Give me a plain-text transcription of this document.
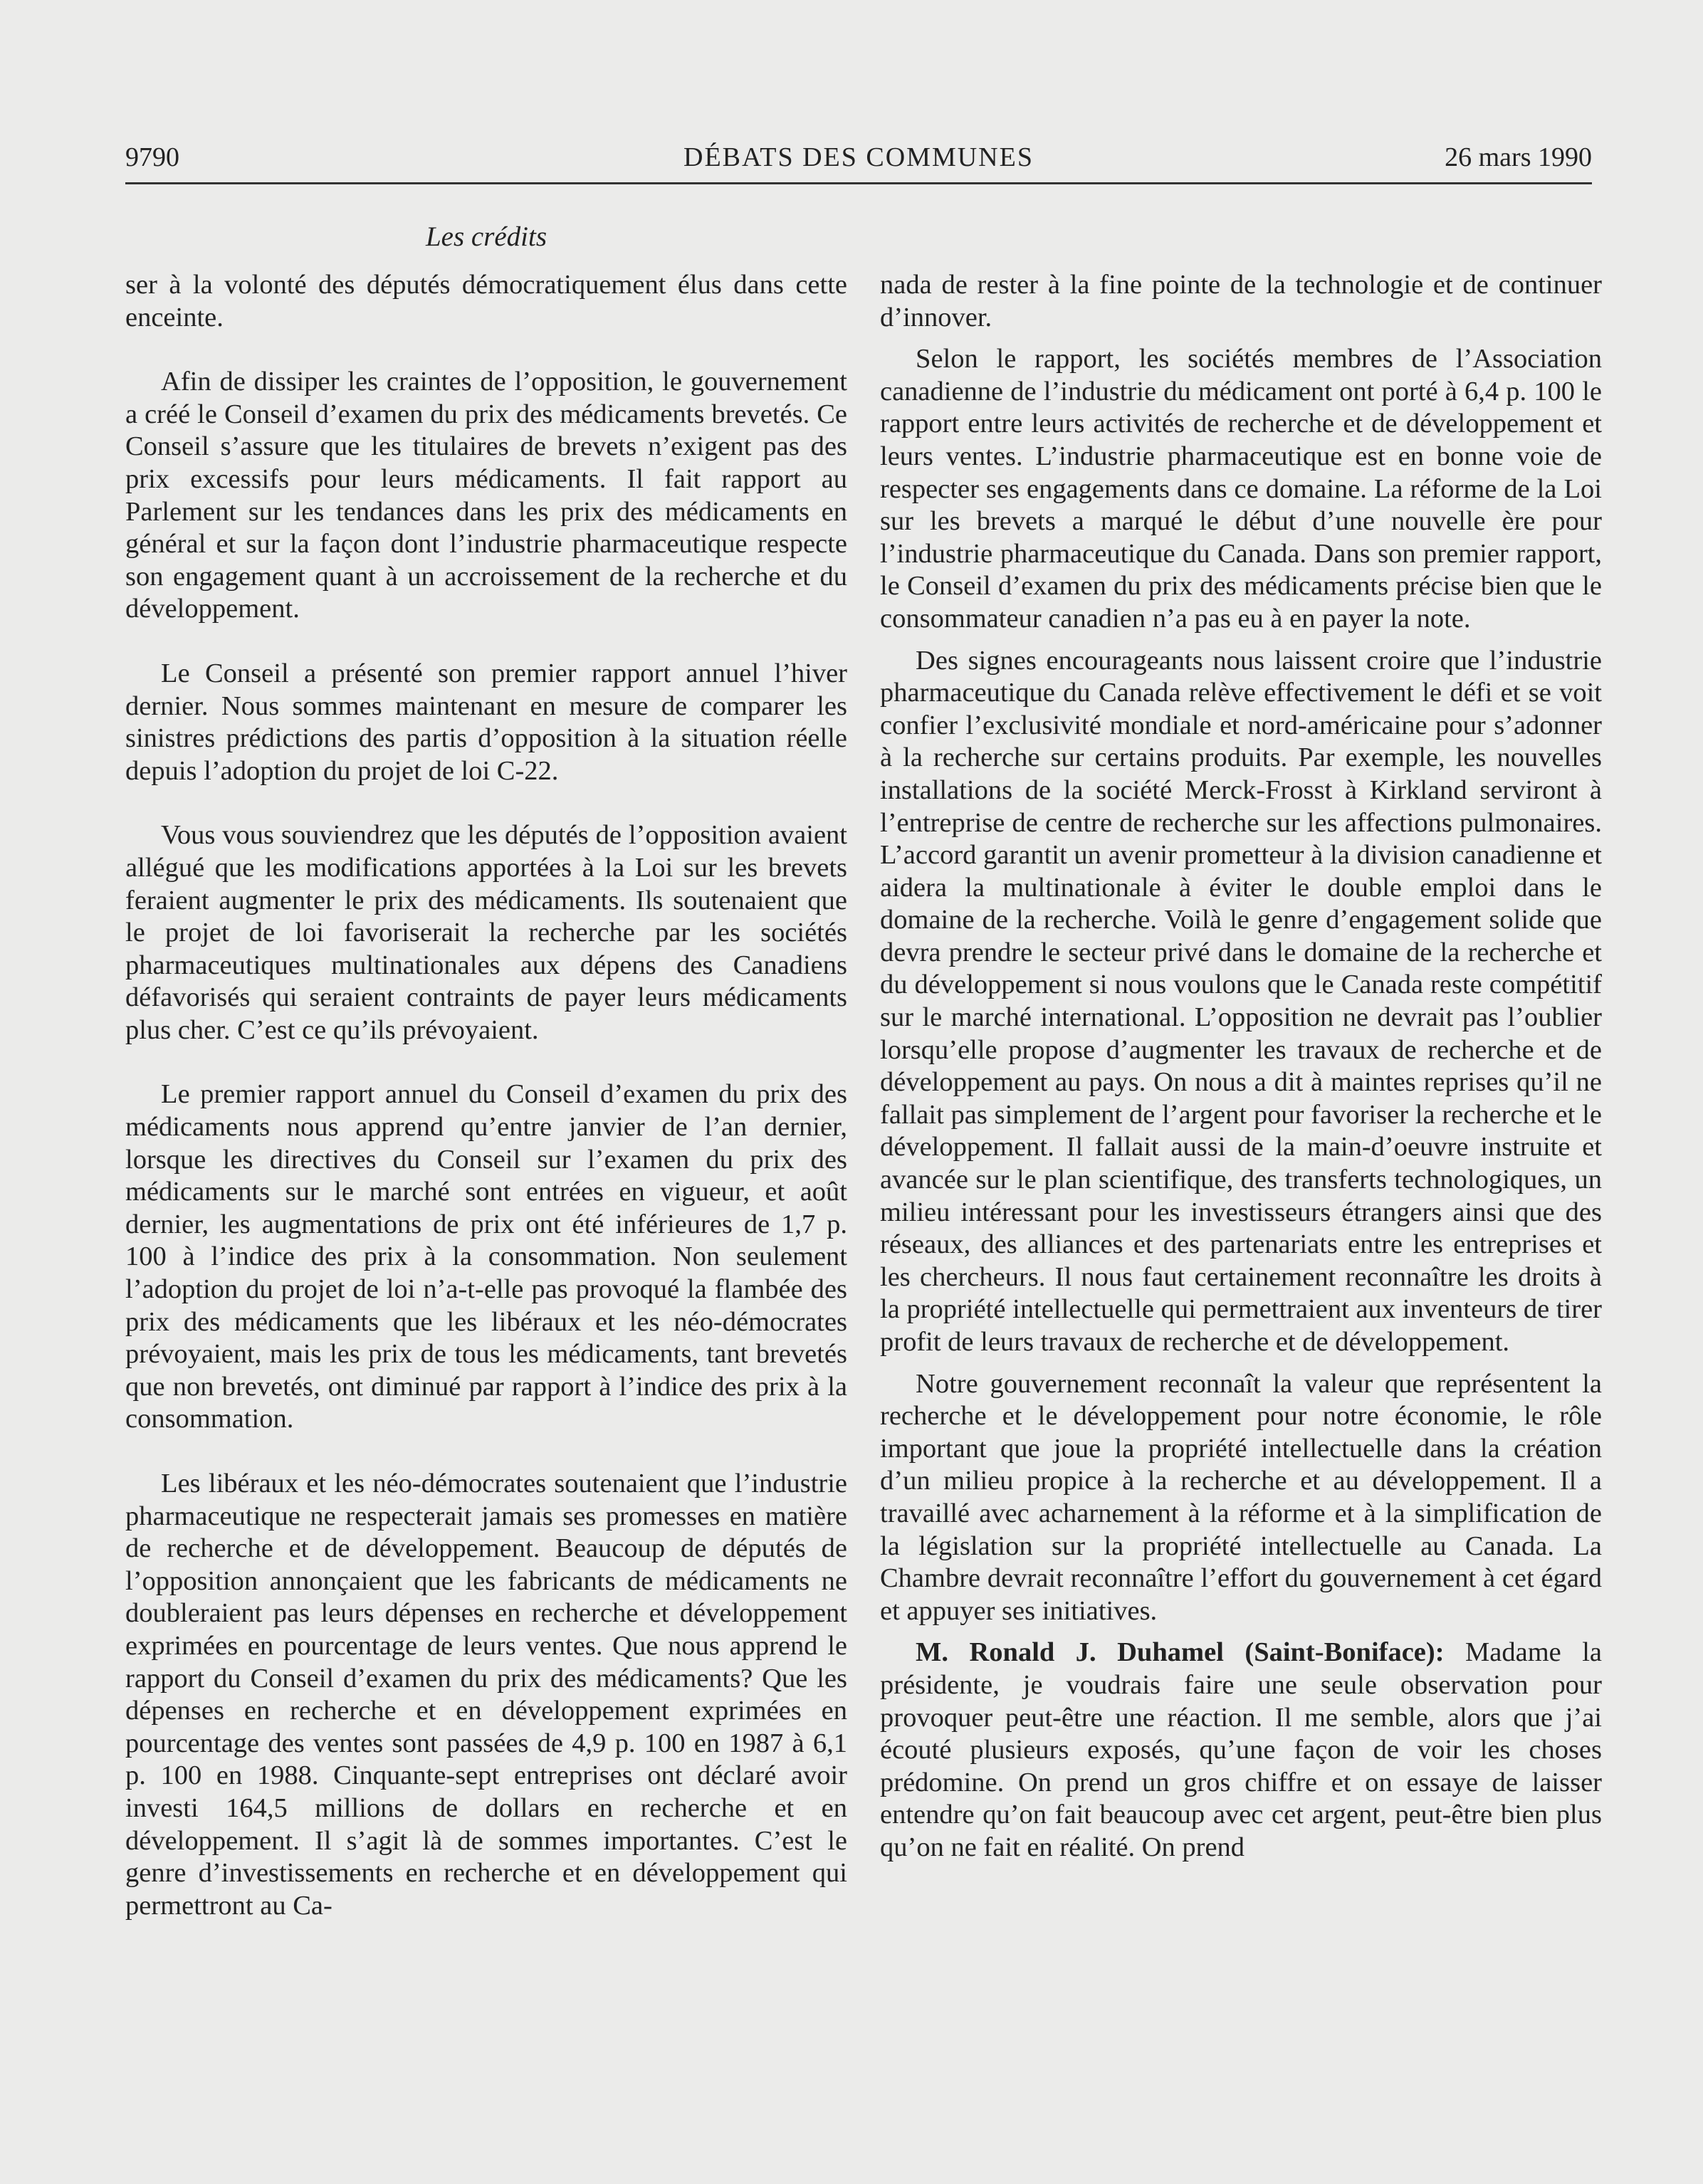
9790	DÉBATS DES COMMUNES	26 mars 1990
Les crédits

ser à la volonté des députés démocratiquement élus dans cette enceinte.

Afin de dissiper les craintes de l’opposition, le gouvernement a créé le Conseil d’examen du prix des médicaments brevetés. Ce Conseil s’assure que les titulaires de brevets n’exigent pas des prix excessifs pour leurs médicaments. Il fait rapport au Parlement sur les tendances dans les prix des médicaments en général et sur la façon dont l’industrie pharmaceutique respecte son engagement quant à un accroissement de la recherche et du développement.

Le Conseil a présenté son premier rapport annuel l’hiver dernier. Nous sommes maintenant en mesure de comparer les sinistres prédictions des partis d’opposition à la situation réelle depuis l’adoption du projet de loi C-22.

Vous vous souviendrez que les députés de l’opposition avaient allégué que les modifications apportées à la Loi sur les brevets feraient augmenter le prix des médicaments. Ils soutenaient que le projet de loi favoriserait la recherche par les sociétés pharmaceutiques multinationales aux dépens des Canadiens défavorisés qui seraient contraints de payer leurs médicaments plus cher. C’est ce qu’ils prévoyaient.

Le premier rapport annuel du Conseil d’examen du prix des médicaments nous apprend qu’entre janvier de l’an dernier, lorsque les directives du Conseil sur l’examen du prix des médicaments sur le marché sont entrées en vigueur, et août dernier, les augmentations de prix ont été inférieures de 1,7 p. 100 à l’indice des prix à la consommation. Non seulement l’adoption du projet de loi n’a-t-elle pas provoqué la flambée des prix des médicaments que les libéraux et les néo-démocrates prévoyaient, mais les prix de tous les médicaments, tant brevetés que non brevetés, ont diminué par rapport à l’indice des prix à la consommation.

Les libéraux et les néo-démocrates soutenaient que l’industrie pharmaceutique ne respecterait jamais ses promesses en matière de recherche et de développement. Beaucoup de députés de l’opposition annonçaient que les fabricants de médicaments ne doubleraient pas leurs dépenses en recherche et développement exprimées en pourcentage de leurs ventes. Que nous apprend le rapport du Conseil d’examen du prix des médicaments? Que les dépenses en recherche et en développement exprimées en pourcentage des ventes sont passées de 4,9 p. 100 en 1987 à 6,1 p. 100 en 1988. Cinquante-sept entreprises ont déclaré avoir investi 164,5 millions de dollars en recherche et en développement. Il s’agit là de sommes importantes. C’est le genre d’investissements en recherche et en développement qui permettront au Ca-

nada de rester à la fine pointe de la technologie et de continuer d’innover.

Selon le rapport, les sociétés membres de l’Association canadienne de l’industrie du médicament ont porté à 6,4 p. 100 le rapport entre leurs activités de recherche et de développement et leurs ventes. L’industrie pharmaceutique est en bonne voie de respecter ses engagements dans ce domaine. La réforme de la Loi sur les brevets a marqué le début d’une nouvelle ère pour l’industrie pharmaceutique du Canada. Dans son premier rapport, le Conseil d’examen du prix des médicaments précise bien que le consommateur canadien n’a pas eu à en payer la note.

Des signes encourageants nous laissent croire que l’industrie pharmaceutique du Canada relève effectivement le défi et se voit confier l’exclusivité mondiale et nord-américaine pour s’adonner à la recherche sur certains produits. Par exemple, les nouvelles installations de la société Merck-Frosst à Kirkland serviront à l’entreprise de centre de recherche sur les affections pulmonaires. L’accord garantit un avenir prometteur à la division canadienne et aidera la multinationale à éviter le double emploi dans le domaine de la recherche. Voilà le genre d’engagement solide que devra prendre le secteur privé dans le domaine de la recherche et du développement si nous voulons que le Canada reste compétitif sur le marché international. L’opposition ne devrait pas l’oublier lorsqu’elle propose d’augmenter les travaux de recherche et de développement au pays. On nous a dit à maintes reprises qu’il ne fallait pas simplement de l’argent pour favoriser la recherche et le développement. Il fallait aussi de la main-d’oeuvre instruite et avancée sur le plan scientifique, des transferts technologiques, un milieu intéressant pour les investisseurs étrangers ainsi que des réseaux, des alliances et des partenariats entre les entreprises et les chercheurs. Il nous faut certainement reconnaître les droits à la propriété intellectuelle qui permettraient aux inventeurs de tirer profit de leurs travaux de recherche et de développement.

Notre gouvernement reconnaît la valeur que représentent la recherche et le développement pour notre économie, le rôle important que joue la propriété intellectuelle dans la création d’un milieu propice à la recherche et au développement. Il a travaillé avec acharnement à la réforme et à la simplification de la législation sur la propriété intellectuelle au Canada. La Chambre devrait reconnaître l’effort du gouvernement à cet égard et appuyer ses initiatives.

M. Ronald J. Duhamel (Saint-Boniface): Madame la présidente, je voudrais faire une seule observation pour provoquer peut-être une réaction. Il me semble, alors que j’ai écouté plusieurs exposés, qu’une façon de voir les choses prédomine. On prend un gros chiffre et on essaye de laisser entendre qu’on fait beaucoup avec cet argent, peut-être bien plus qu’on ne fait en réalité. On prend
